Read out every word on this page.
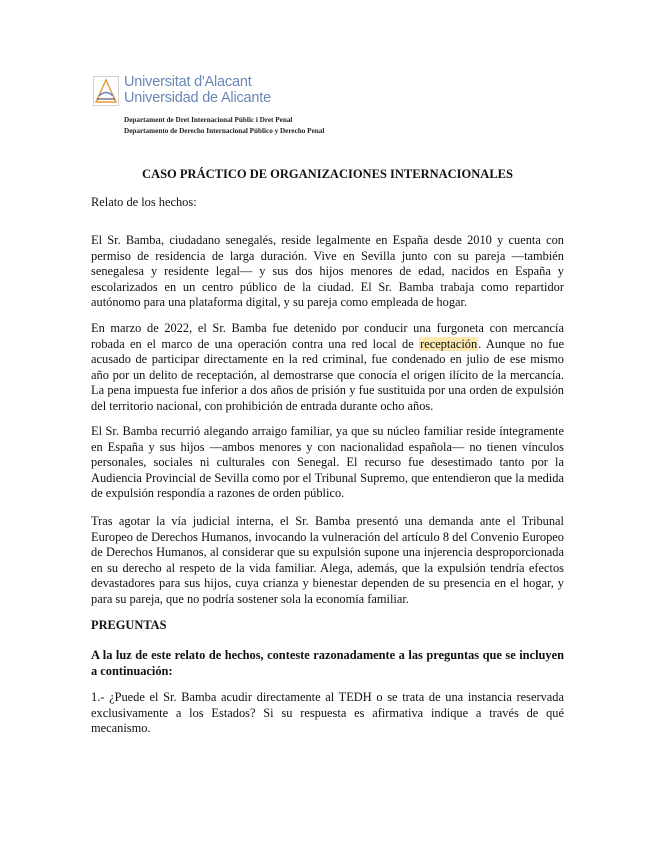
Universitat d'Alacant
Universidad de Alicante
Departament de Dret Internacional Públic i Dret Penal
Departamento de Derecho Internacional Público y Derecho Penal
CASO PRÁCTICO DE ORGANIZACIONES INTERNACIONALES
Relato de los hechos:
El Sr. Bamba, ciudadano senegalés, reside legalmente en España desde 2010 y cuenta con permiso de residencia de larga duración. Vive en Sevilla junto con su pareja —también senegalesa y residente legal— y sus dos hijos menores de edad, nacidos en España y escolarizados en un centro público de la ciudad. El Sr. Bamba trabaja como repartidor autónomo para una plataforma digital, y su pareja como empleada de hogar.
En marzo de 2022, el Sr. Bamba fue detenido por conducir una furgoneta con mercancía robada en el marco de una operación contra una red local de receptación. Aunque no fue acusado de participar directamente en la red criminal, fue condenado en julio de ese mismo año por un delito de receptación, al demostrarse que conocía el origen ilícito de la mercancía. La pena impuesta fue inferior a dos años de prisión y fue sustituida por una orden de expulsión del territorio nacional, con prohibición de entrada durante ocho años.
El Sr. Bamba recurrió alegando arraigo familiar, ya que su núcleo familiar reside íntegramente en España y sus hijos —ambos menores y con nacionalidad española— no tienen vínculos personales, sociales ni culturales con Senegal. El recurso fue desestimado tanto por la Audiencia Provincial de Sevilla como por el Tribunal Supremo, que entendieron que la medida de expulsión respondía a razones de orden público.
Tras agotar la vía judicial interna, el Sr. Bamba presentó una demanda ante el Tribunal Europeo de Derechos Humanos, invocando la vulneración del artículo 8 del Convenio Europeo de Derechos Humanos, al considerar que su expulsión supone una injerencia desproporcionada en su derecho al respeto de la vida familiar. Alega, además, que la expulsión tendría efectos devastadores para sus hijos, cuya crianza y bienestar dependen de su presencia en el hogar, y para su pareja, que no podría sostener sola la economía familiar.
PREGUNTAS
A la luz de este relato de hechos, conteste razonadamente a las preguntas que se incluyen a continuación:
1.- ¿Puede el Sr. Bamba acudir directamente al TEDH o se trata de una instancia reservada exclusivamente a los Estados? Si su respuesta es afirmativa indique a través de qué mecanismo.
